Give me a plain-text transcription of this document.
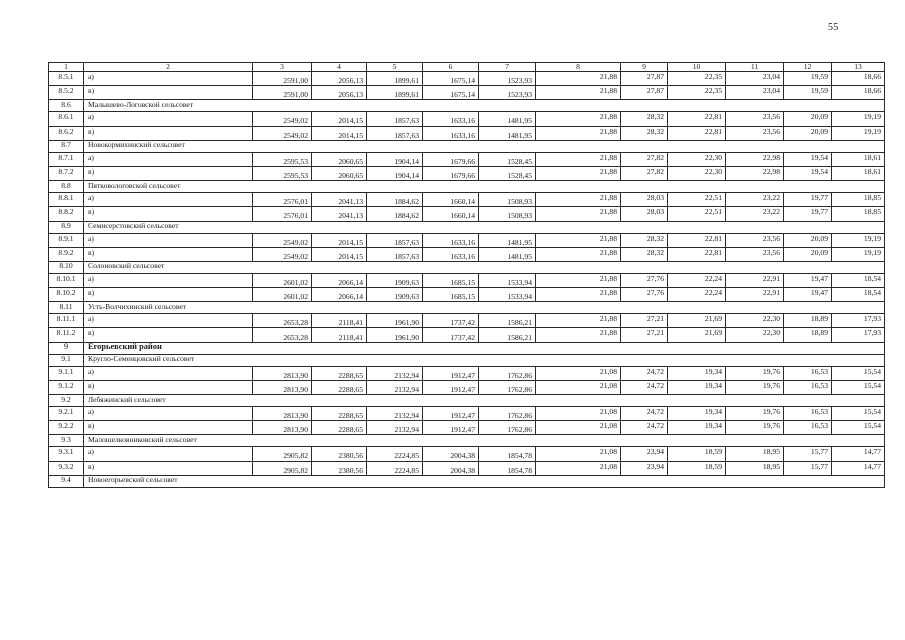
55
1	2	3	4	5	6	7	8	9	10	11	12	13
8.5.1	а)	2591,00	2056,13	1899,61	1675,14	1523,93	21,88	27,87	22,35	23,04	19,59	18,66
8.5.2	в)	2591,00	2056,13	1899,61	1675,14	1523,93	21,88	27,87	22,35	23,04	19,59	18,66
8.6	Малышево-Логовской сельсовет											
8.6.1	а)	2549,02	2014,15	1857,63	1633,16	1481,95	21,88	28,32	22,81	23,56	20,09	19,19
8.6.2	в)	2549,02	2014,15	1857,63	1633,16	1481,95	21,88	28,32	22,81	23,56	20,09	19,19
8.7	Новокормихинский сельсовет											
8.7.1	а)	2595,53	2060,65	1904,14	1679,66	1528,45	21,88	27,82	22,30	22,98	19,54	18,61
8.7.2	в)	2595,53	2060,65	1904,14	1679,66	1528,45	21,88	27,82	22,30	22,98	19,54	18,61
8.8	Пятковологовской сельсовет											
8.8.1	а)	2576,01	2041,13	1884,62	1660,14	1508,93	21,88	28,03	22,51	23,22	19,77	18,85
8.8.2	в)	2576,01	2041,13	1884,62	1660,14	1508,93	21,88	28,03	22,51	23,22	19,77	18,85
8.9	Семисерстовский сельсовет											
8.9.1	а)	2549,02	2014,15	1857,63	1633,16	1481,95	21,88	28,32	22,81	23,56	20,09	19,19
8.9.2	в)	2549,02	2014,15	1857,63	1633,16	1481,95	21,88	28,32	22,81	23,56	20,09	19,19
8.10	Солоновский сельсовет											
8.10.1	а)	2601,02	2066,14	1909,63	1685,15	1533,94	21,88	27,76	22,24	22,91	19,47	18,54
8.10.2	в)	2601,02	2066,14	1909,63	1685,15	1533,94	21,88	27,76	22,24	22,91	19,47	18,54
8.11	Усть-Волчихинский сельсовет											
8.11.1	а)	2653,28	2118,41	1961,90	1737,42	1586,21	21,88	27,21	21,69	22,30	18,89	17,93
8.11.2	в)	2653,28	2118,41	1961,90	1737,42	1586,21	21,88	27,21	21,69	22,30	18,89	17,93
9	Егорьевский район											
9.1	Кругло-Семенцовский сельсовет											
9.1.1	а)	2813,90	2288,65	2132,94	1912,47	1762,86	21,08	24,72	19,34	19,76	16,53	15,54
9.1.2	в)	2813,90	2288,65	2132,94	1912,47	1762,86	21,08	24,72	19,34	19,76	16,53	15,54
9.2	Лебяжинский сельсовет											
9.2.1	а)	2813,90	2288,65	2132,94	1912,47	1762,86	21,08	24,72	19,34	19,76	16,53	15,54
9.2.2	в)	2813,90	2288,65	2132,94	1912,47	1762,86	21,08	24,72	19,34	19,76	16,53	15,54
9.3	Малошелковниковский сельсовет											
9.3.1	а)	2905,82	2380,56	2224,85	2004,38	1854,78	21,08	23,94	18,59	18,95	15,77	14,77
9.3.2	в)	2905,82	2380,56	2224,85	2004,38	1854,78	21,08	23,94	18,59	18,95	15,77	14,77
9.4	Новоегорьевский сельсовет											
